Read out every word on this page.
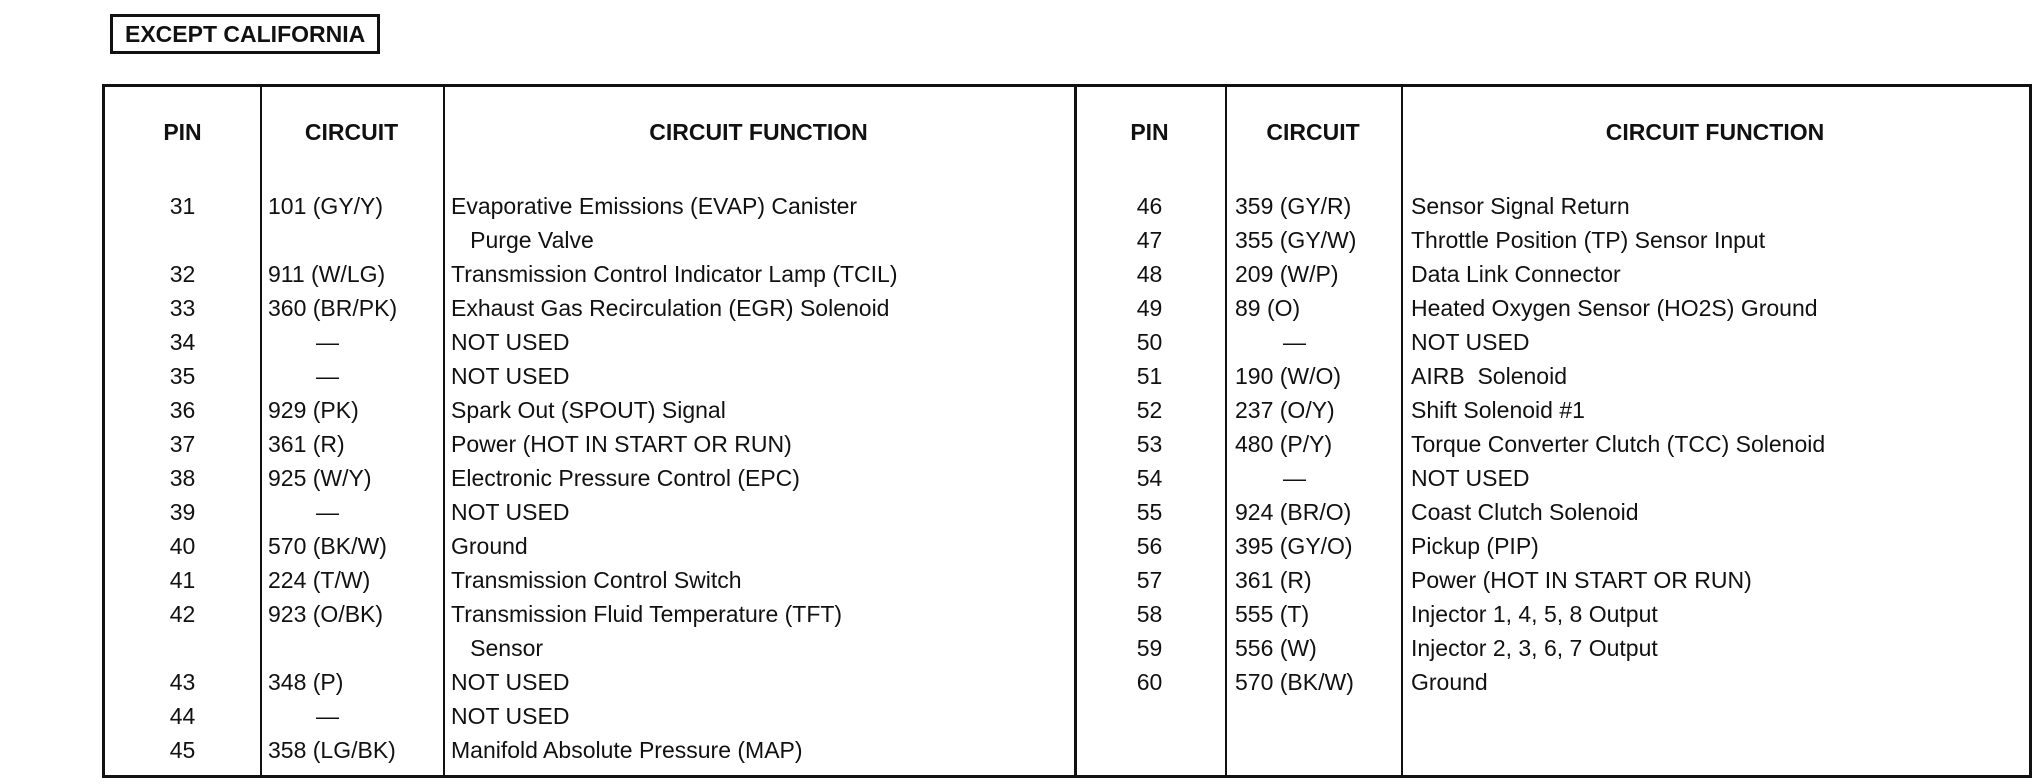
EXCEPT CALIFORNIA
PIN	CIRCUIT	CIRCUIT FUNCTION	PIN	CIRCUIT	CIRCUIT FUNCTION
31	101 (GY/Y)	Evaporative Emissions (EVAP) Canister
Purge Valve
32	911 (W/LG)	Transmission Control Indicator Lamp (TCIL)
33	360 (BR/PK) Exhaust Gas Recirculation (EGR) Solenoid
34	—	NOT USED
35	—	NOT USED
36	929 (PK)	Spark Out (SPOUT) Signal
37	361 (R)	Power (HOT IN START OR RUN)
38	925 (W/Y)	Electronic Pressure Control (EPC)
39	—	NOT USED
40	570 (BK/W)	Ground
41	224 (T/W)	Transmission Control Switch
42	923 (O/BK)	Transmission Fluid Temperature (TFT)
Sensor
43	348 (P)	NOT USED
44	—	NOT USED
45	358 (LG/BK) Manifold Absolute Pressure (MAP)
46	359 (GY/R)	Sensor Signal Return
47	355 (GY/W) Throttle Position (TP) Sensor Input
48	209 (W/P)	Data Link Connector
49	89 (O)	Heated Oxygen Sensor (HO2S) Ground
50	—	NOT USED
51	190 (W/O)	AIRB  Solenoid
52	237 (O/Y)	Shift Solenoid #1
53	480 (P/Y)	Torque Converter Clutch (TCC) Solenoid
54	—	NOT USED
55	924 (BR/O)	Coast Clutch Solenoid
56	395 (GY/O)	Pickup (PIP)
57	361 (R)	Power (HOT IN START OR RUN)
58	555 (T)	Injector 1, 4, 5, 8 Output
59	556 (W)	Injector 2, 3, 6, 7 Output
60	570 (BK/W) Ground
